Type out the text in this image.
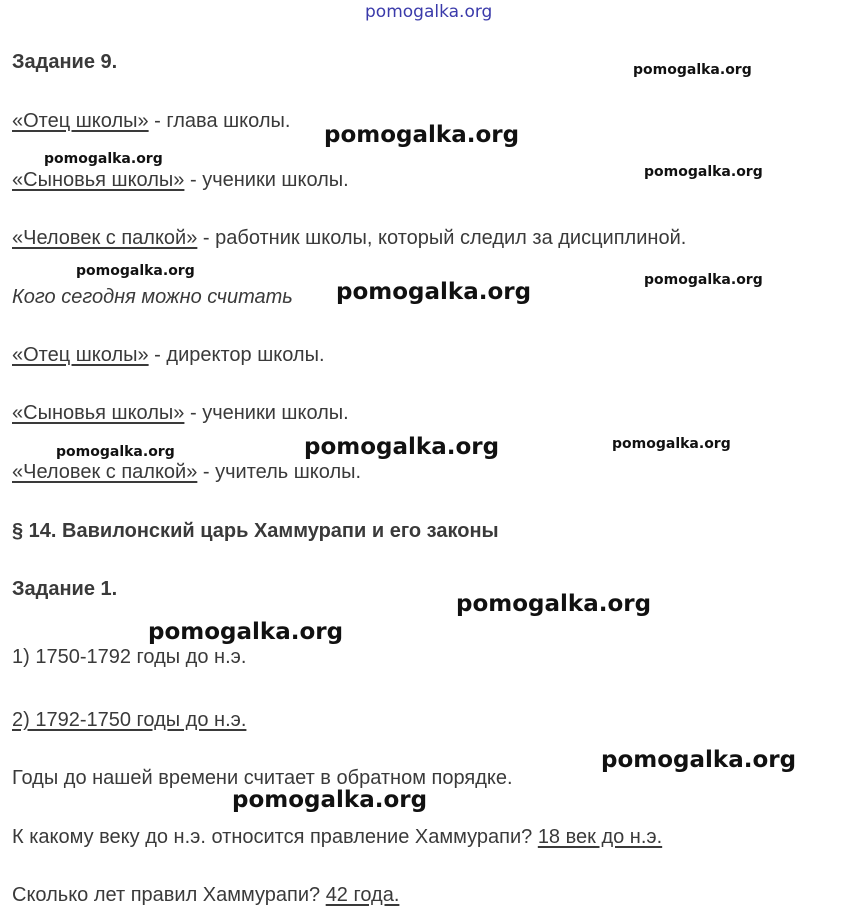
pomogalka.org
Задание 9.
«Отец школы» - глава школы.
«Сыновья школы» - ученики школы.
«Человек с палкой» - работник школы, который следил за дисциплиной.
Кого сегодня можно считать
«Отец школы» - директор школы.
«Сыновья школы» - ученики школы.
«Человек с палкой» - учитель школы.
§ 14. Вавилонский царь Хаммурапи и его законы
Задание 1.
1) 1750-1792 годы до н.э.
2) 1792-1750 годы до н.э.
Годы до нашей времени считает в обратном порядке.
К какому веку до н.э. относится правление Хаммурапи? 18 век до н.э.
Сколько лет правил Хаммурапи? 42 года.
pomogalka.org
pomogalka.org
pomogalka.org
pomogalka.org
pomogalka.org
pomogalka.org
pomogalka.org
pomogalka.org
pomogalka.org
pomogalka.org
pomogalka.org
pomogalka.org
pomogalka.org
pomogalka.org
